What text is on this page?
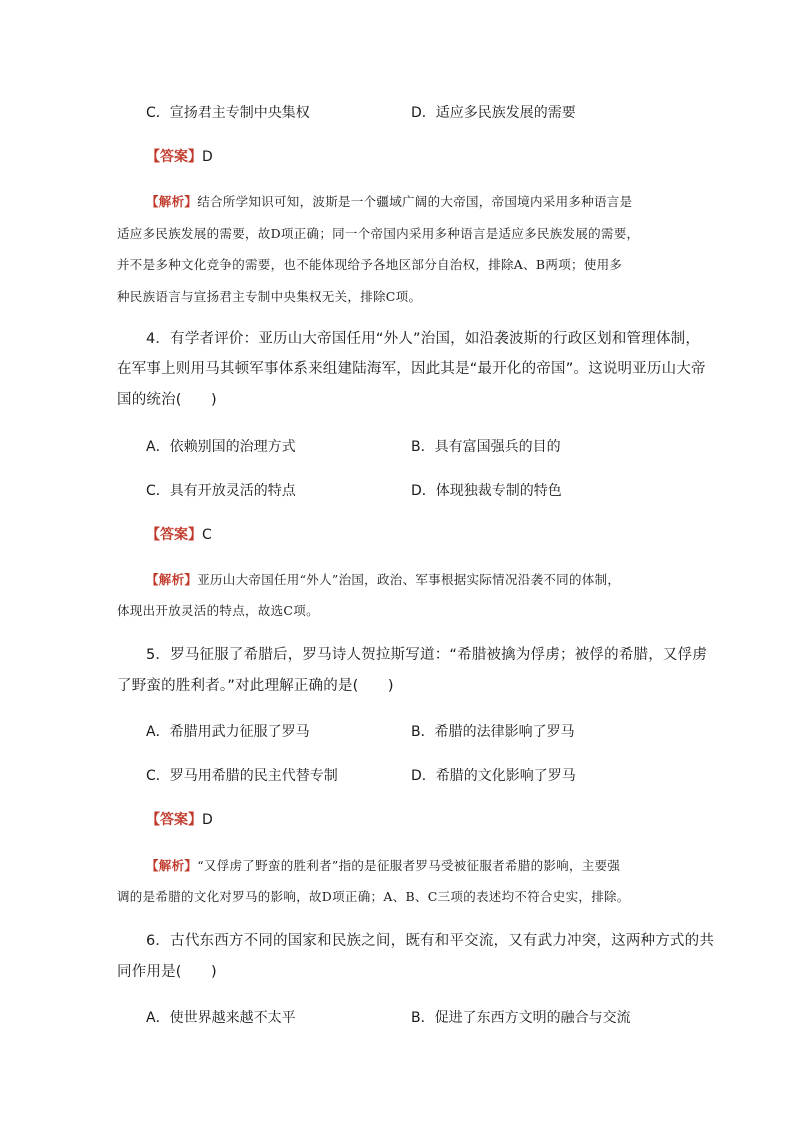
C．宣扬君主专制中央集权	D．适应多民族发展的需要
【答案】D
【解析】结合所学知识可知，波斯是一个疆域广阔的大帝国，帝国境内采用多种语言是
适应多民族发展的需要，故D项正确；同一个帝国内采用多种语言是适应多民族发展的需要，
并不是多种文化竞争的需要，也不能体现给予各地区部分自治权，排除A、B两项；使用多
种民族语言与宣扬君主专制中央集权无关，排除C项。
4．有学者评价：亚历山大帝国任用“外人”治国，如沿袭波斯的行政区划和管理体制，
在军事上则用马其顿军事体系来组建陆海军，因此其是“最开化的帝国”。这说明亚历山大帝
国的统治(　　)
A．依赖别国的治理方式	B．具有富国强兵的目的
C．具有开放灵活的特点	D．体现独裁专制的特色
【答案】C
【解析】亚历山大帝国任用“外人”治国，政治、军事根据实际情况沿袭不同的体制，
体现出开放灵活的特点，故选C项。
5．罗马征服了希腊后，罗马诗人贺拉斯写道：“希腊被擒为俘虏；被俘的希腊，又俘虏
了野蛮的胜利者。”对此理解正确的是(　　)
A．希腊用武力征服了罗马	B．希腊的法律影响了罗马
C．罗马用希腊的民主代替专制	D．希腊的文化影响了罗马
【答案】D
【解析】“又俘虏了野蛮的胜利者”指的是征服者罗马受被征服者希腊的影响，主要强
调的是希腊的文化对罗马的影响，故D项正确；A、B、C三项的表述均不符合史实，排除。
6．古代东西方不同的国家和民族之间，既有和平交流，又有武力冲突，这两种方式的共
同作用是(　　)
A．使世界越来越不太平	B．促进了东西方文明的融合与交流
